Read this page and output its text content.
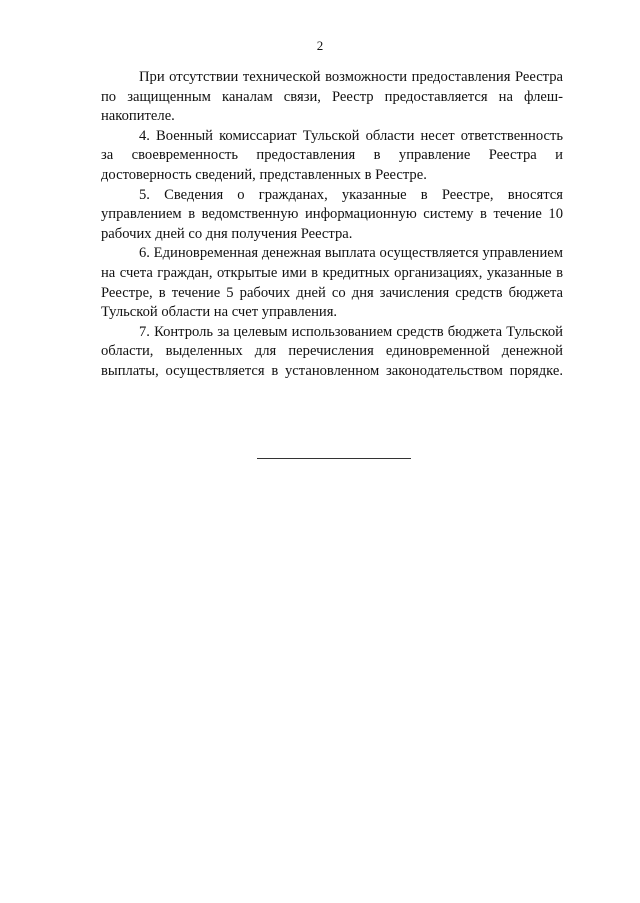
2

При отсутствии технической возможности предоставления Реестра по защищенным каналам связи, Реестр предоставляется на флеш-накопителе.

4. Военный комиссариат Тульской области несет ответственность за своевременность предоставления в управление Реестра и достоверность сведений, представленных в Реестре.

5. Сведения о гражданах, указанные в Реестре, вносятся управлением в ведомственную информационную систему в течение 10 рабочих дней со дня получения Реестра.

6. Единовременная денежная выплата осуществляется управлением на счета граждан, открытые ими в кредитных организациях, указанные в Реестре, в течение 5 рабочих дней со дня зачисления средств бюджета Тульской области на счет управления.

7. Контроль за целевым использованием средств бюджета Тульской области, выделенных для перечисления единовременной денежной выплаты, осуществляется в установленном законодательством порядке.
